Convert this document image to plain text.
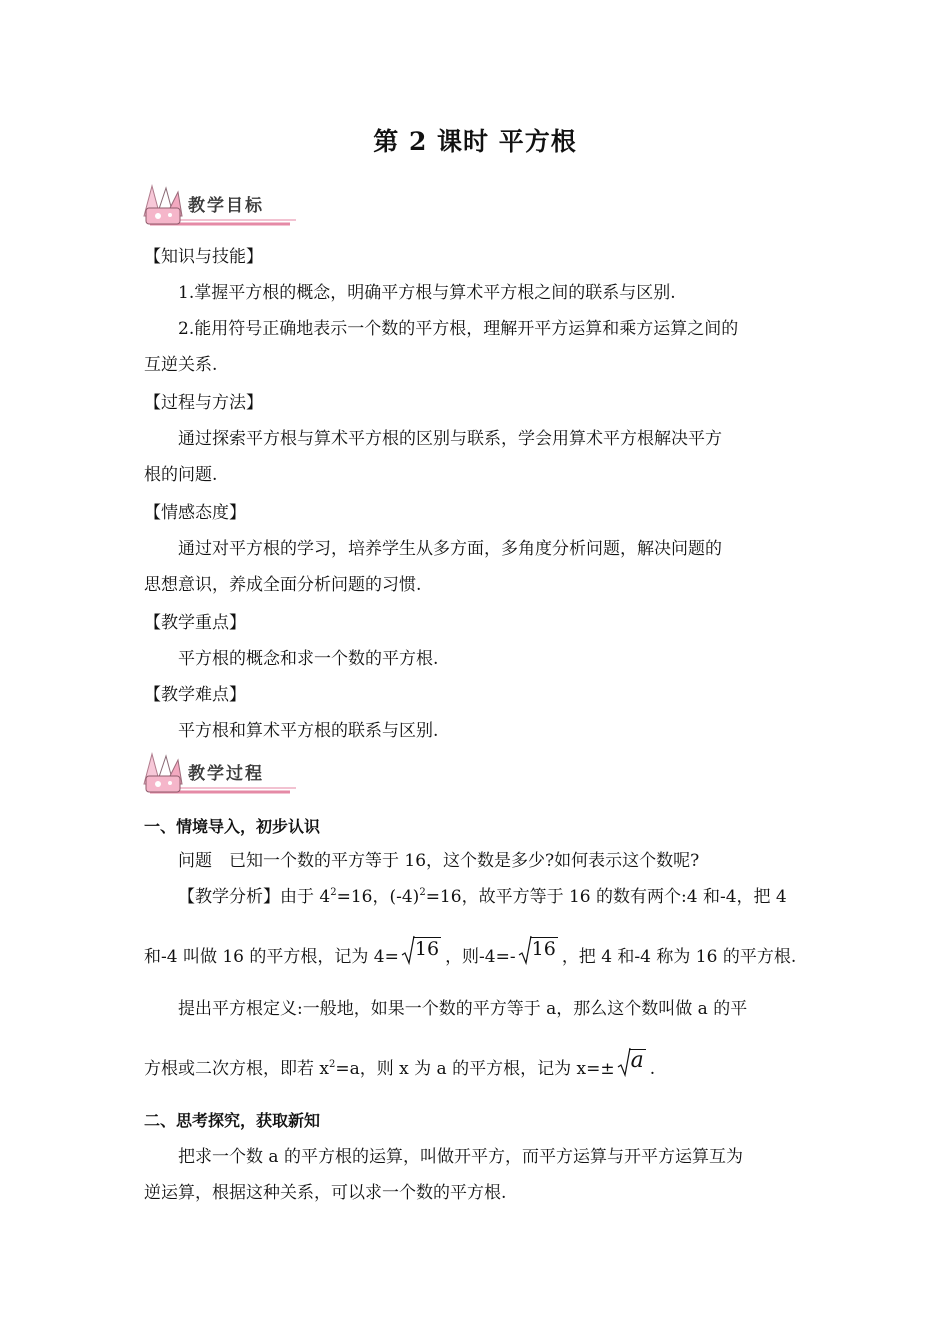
第 2 课时 平方根
教学目标
【知识与技能】
1.掌握平方根的概念，明确平方根与算术平方根之间的联系与区别.
2.能用符号正确地表示一个数的平方根，理解开平方运算和乘方运算之间的
互逆关系.
【过程与方法】
通过探索平方根与算术平方根的区别与联系，学会用算术平方根解决平方
根的问题.
【情感态度】
通过对平方根的学习，培养学生从多方面，多角度分析问题，解决问题的
思想意识，养成全面分析问题的习惯.
【教学重点】
平方根的概念和求一个数的平方根.
【教学难点】
平方根和算术平方根的联系与区别.
教学过程
一、情境导入，初步认识
问题　已知一个数的平方等于 16，这个数是多少?如何表示这个数呢?
【教学分析】由于 $4^2=16$，$(-4)^2=16$，故平方等于 16 的数有两个:4 和-4，把 4
和-4 叫做 16 的平方根，记为 4= 16 ，则-4=- 16 ，把 4 和-4 称为 16 的平方根.
提出平方根定义:一般地，如果一个数的平方等于 a，那么这个数叫做 a 的平
方根或二次方根，即若 $x^2=a$，则 x 为 a 的平方根，记为 x=± a .
二、思考探究，获取新知
把求一个数 a 的平方根的运算，叫做开平方，而平方运算与开平方运算互为
逆运算，根据这种关系，可以求一个数的平方根.
